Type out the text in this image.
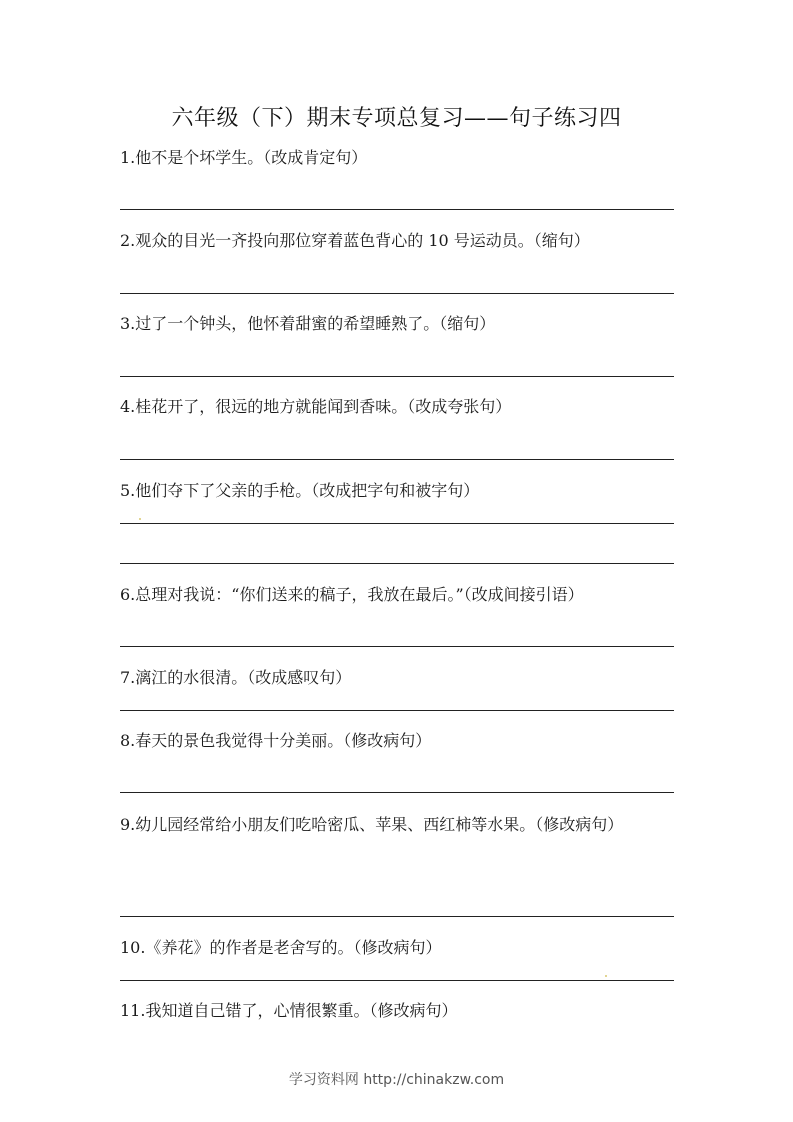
六年级（下）期末专项总复习——句子练习四
1.他不是个坏学生。（改成肯定句）
2.观众的目光一齐投向那位穿着蓝色背心的 10 号运动员。（缩句）
3.过了一个钟头，他怀着甜蜜的希望睡熟了。（缩句）
4.桂花开了，很远的地方就能闻到香味。（改成夸张句）
5.他们夺下了父亲的手枪。（改成把字句和被字句）
6.总理对我说：“你们送来的稿子，我放在最后。”（改成间接引语）
7.漓江的水很清。（改成感叹句）
8.春天的景色我觉得十分美丽。（修改病句）
9.幼儿园经常给小朋友们吃哈密瓜、苹果、西红柿等水果。（修改病句）
10.《养花》的作者是老舍写的。（修改病句）
11.我知道自己错了，心情很繁重。（修改病句）
学习资料网 http://chinakzw.com
